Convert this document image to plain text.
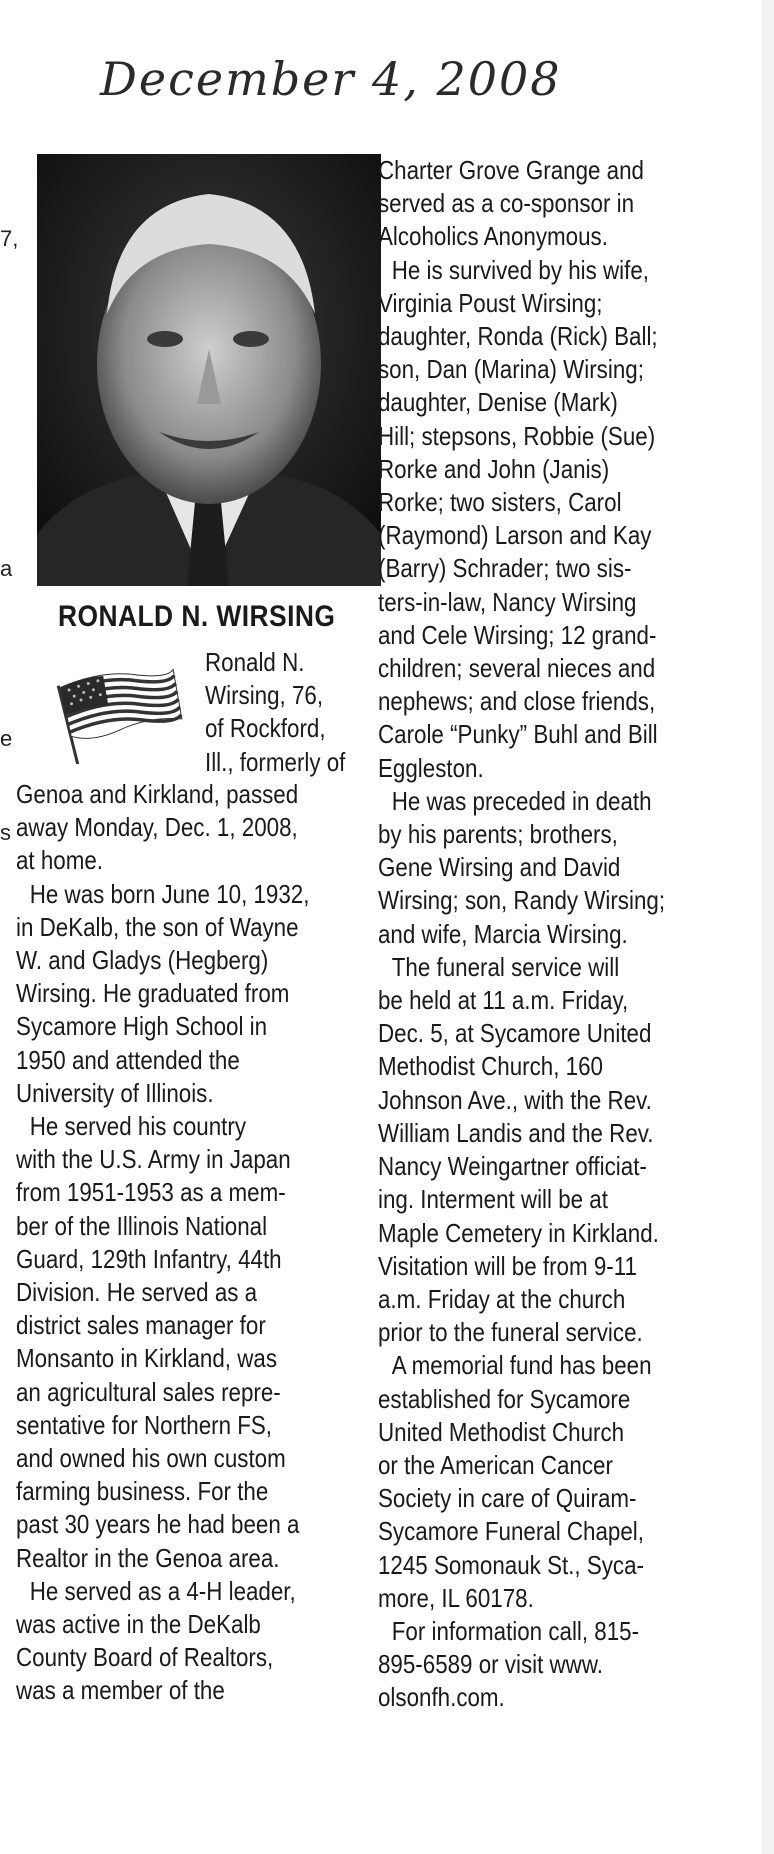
December 4, 2008
7,
a
e
s
RONALD N. WIRSING
Ronald N.
Wirsing, 76,
of Rockford,
Ill., formerly of
Genoa and Kirkland, passed
away Monday, Dec. 1, 2008,
at home.
He was born June 10, 1932,
in DeKalb, the son of Wayne
W. and Gladys (Hegberg)
Wirsing. He graduated from
Sycamore High School in
1950 and attended the
University of Illinois.
He served his country
with the U.S. Army in Japan
from 1951-1953 as a mem-
ber of the Illinois National
Guard, 129th Infantry, 44th
Division. He served as a
district sales manager for
Monsanto in Kirkland, was
an agricultural sales repre-
sentative for Northern FS,
and owned his own custom
farming business. For the
past 30 years he had been a
Realtor in the Genoa area.
He served as a 4-H leader,
was active in the DeKalb
County Board of Realtors,
was a member of the
Charter Grove Grange and
served as a co-sponsor in
Alcoholics Anonymous.
He is survived by his wife,
Virginia Poust Wirsing;
daughter, Ronda (Rick) Ball;
son, Dan (Marina) Wirsing;
daughter, Denise (Mark)
Hill; stepsons, Robbie (Sue)
Rorke and John (Janis)
Rorke; two sisters, Carol
(Raymond) Larson and Kay
(Barry) Schrader; two sis-
ters-in-law, Nancy Wirsing
and Cele Wirsing; 12 grand-
children; several nieces and
nephews; and close friends,
Carole “Punky” Buhl and Bill
Eggleston.
He was preceded in death
by his parents; brothers,
Gene Wirsing and David
Wirsing; son, Randy Wirsing;
and wife, Marcia Wirsing.
The funeral service will
be held at 11 a.m. Friday,
Dec. 5, at Sycamore United
Methodist Church, 160
Johnson Ave., with the Rev.
William Landis and the Rev.
Nancy Weingartner officiat-
ing. Interment will be at
Maple Cemetery in Kirkland.
Visitation will be from 9-11
a.m. Friday at the church
prior to the funeral service.
A memorial fund has been
established for Sycamore
United Methodist Church
or the American Cancer
Society in care of Quiram-
Sycamore Funeral Chapel,
1245 Somonauk St., Syca-
more, IL 60178.
For information call, 815-
895-6589 or visit www.
olsonfh.com.
